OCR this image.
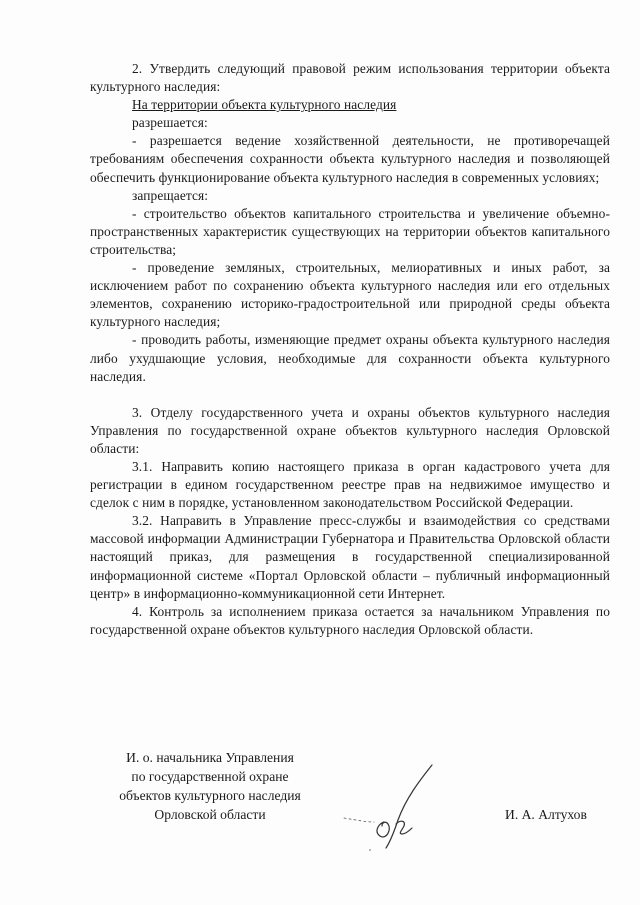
2. Утвердить следующий правовой режим использования территории объекта культурного наследия:

На территории объекта культурного наследия

разрешается:

- разрешается ведение хозяйственной деятельности, не противоречащей требованиям обеспечения сохранности объекта культурного наследия и позволяющей обеспечить функционирование объекта культурного наследия в современных условиях;

запрещается:

- строительство объектов капитального строительства и увеличение объемно-пространственных характеристик существующих на территории объектов капитального строительства;

- проведение земляных, строительных, мелиоративных и иных работ, за исключением работ по сохранению объекта культурного наследия или его отдельных элементов, сохранению историко-градостроительной или природной среды объекта культурного наследия;

- проводить работы, изменяющие предмет охраны объекта культурного наследия либо ухудшающие условия, необходимые для сохранности объекта культурного наследия.

3. Отделу государственного учета и охраны объектов культурного наследия Управления по государственной охране объектов культурного наследия Орловской области:

3.1. Направить копию настоящего приказа в орган кадастрового учета для регистрации в едином государственном реестре прав на недвижимое имущество и сделок с ним в порядке, установленном законодательством Российской Федерации.

3.2. Направить в Управление пресс-службы и взаимодействия со средствами массовой информации Администрации Губернатора и Правительства Орловской области настоящий приказ, для размещения в государственной специализированной информационной системе «Портал Орловской области – публичный информационный центр» в информационно-коммуникационной сети Интернет.

4. Контроль за исполнением приказа остается за начальником Управления по государственной охране объектов культурного наследия Орловской области.

И. о. начальника Управления
по государственной охране
объектов культурного наследия
Орловской области	И. А. Алтухов
